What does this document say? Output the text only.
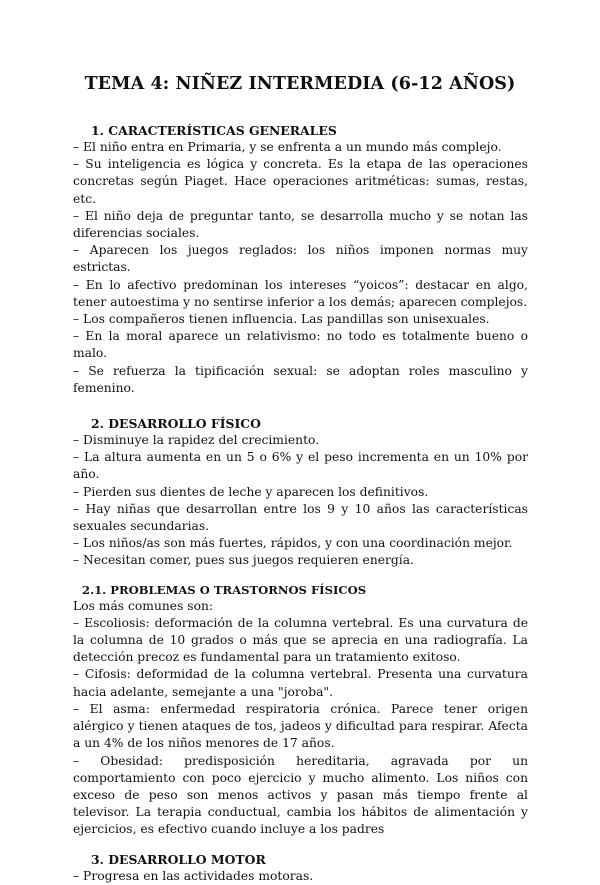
TEMA 4: NIÑEZ INTERMEDIA (6-12 AÑOS)
1. CARACTERÍSTICAS GENERALES

– El niño entra en Primaria, y se enfrenta a un mundo más complejo.

– Su inteligencia es lógica y concreta. Es la etapa de las operaciones concretas según Piaget. Hace operaciones aritméticas: sumas, restas, etc.

– El niño deja de preguntar tanto, se desarrolla mucho y se notan las diferencias sociales.

– Aparecen los juegos reglados: los niños imponen normas muy estrictas.

– En lo afectivo predominan los intereses “yoicos”: destacar en algo, tener autoestima y no sentirse inferior a los demás; aparecen complejos.

– Los compañeros tienen influencia. Las pandillas son unisexuales.

– En la moral aparece un relativismo: no todo es totalmente bueno o malo.

– Se refuerza la tipificación sexual: se adoptan roles masculino y femenino.

2. DESARROLLO FÍSICO

– Disminuye la rapidez del crecimiento.

– La altura aumenta en un 5 o 6% y el peso incrementa en un 10% por año.

– Pierden sus dientes de leche y aparecen los definitivos.

– Hay niñas que desarrollan entre los 9 y 10 años las características sexuales secundarias.

– Los niños/as son más fuertes, rápidos, y con una coordinación mejor.

– Necesitan comer, pues sus juegos requieren energía.

2.1. PROBLEMAS O TRASTORNOS FÍSICOS

Los más comunes son:

– Escoliosis: deformación de la columna vertebral. Es una curvatura de la columna de 10 grados o más que se aprecia en una radiografía. La detección precoz es fundamental para un tratamiento exitoso.

– Cifosis: deformidad de la columna vertebral. Presenta una curvatura hacia adelante, semejante a una "joroba".

– El asma: enfermedad respiratoria crónica. Parece tener origen alérgico y tienen ataques de tos, jadeos y dificultad para respirar. Afecta a un 4% de los niños menores de 17 años.

– Obesidad: predisposición hereditaria, agravada por un comportamiento con poco ejercicio y mucho alimento. Los niños con exceso de peso son menos activos y pasan más tiempo frente al televisor. La terapia conductual, cambia los hábitos de alimentación y ejercicios, es efectivo cuando incluye a los padres

3. DESARROLLO MOTOR

– Progresa en las actividades motoras.
